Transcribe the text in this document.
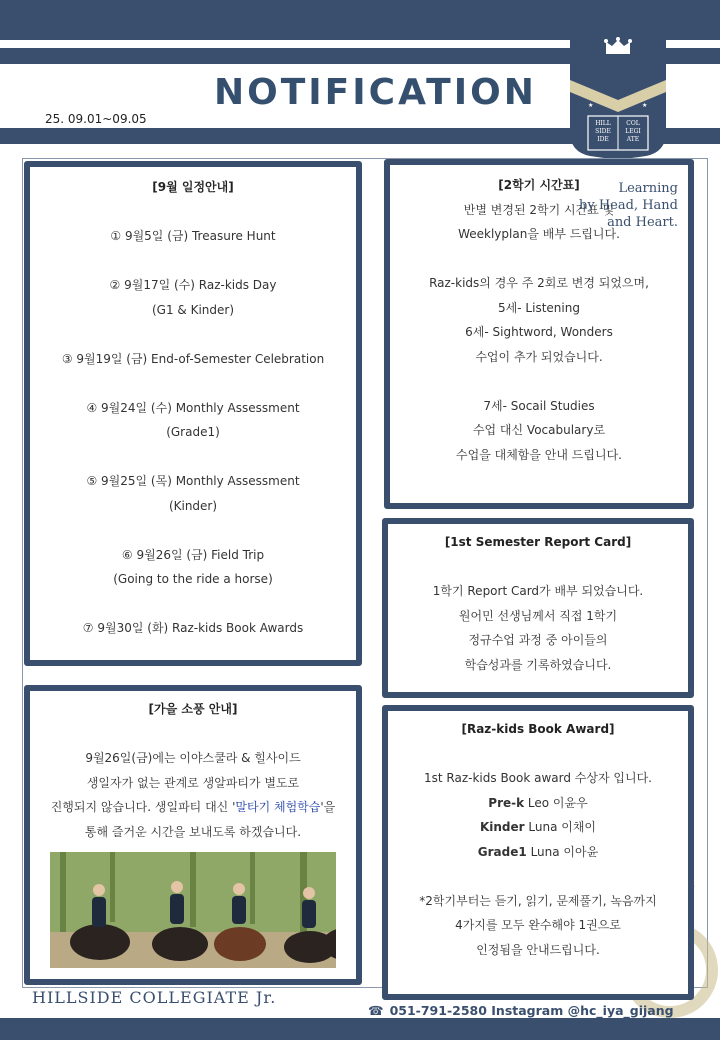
NOTIFICATION
25. 09.01~09.05
★	★
HILL
SIDE
IDE
COL
LEGI
ATE
Learning
by Head, Hand
and Heart.
[9월 일정안내]
① 9월5일 (금) Treasure Hunt
② 9월17일 (수) Raz-kids Day
(G1 & Kinder)
③ 9월19일 (금) End-of-Semester Celebration
④ 9월24일 (수) Monthly Assessment
(Grade1)
⑤ 9월25일 (목) Monthly Assessment
(Kinder)
⑥ 9월26일 (금) Field Trip
(Going to the ride a horse)
⑦ 9월30일 (화) Raz-kids Book Awards
[2학기 시간표]
반별 변경된 2학기 시간표 및
Weeklyplan을 배부 드립니다.
Raz-kids의 경우 주 2회로 변경 되었으며,
5세- Listening
6세- Sightword, Wonders
수업이 추가 되었습니다.
7세- Socail Studies
수업 대신 Vocabulary로
수업을 대체함을 안내 드립니다.
[1st Semester Report Card]
1학기 Report Card가 배부 되었습니다.
원어민 선생님께서 직접 1학기
정규수업 과정 중 아이들의
학습성과를 기록하였습니다.
[Raz-kids Book Award]
1st Raz-kids Book award 수상자 입니다.
Pre-k Leo 이윤우
Kinder Luna 이채이
Grade1 Luna 이아윤
*2학기부터는 듣기, 읽기, 문제풀기, 녹음까지
4가지를 모두 완수해야 1권으로
인정됨을 안내드립니다.
[가을 소풍 안내]
9월26일(금)에는 이야스쿨라 & 힐사이드
생일자가 없는 관계로 생알파티가 별도로
진행되지 않습니다. 생일파티 대신 '말타기 체험학습'을
통해 즐거운 시간을 보내도록 하겠습니다.
HILLSIDE COLLEGIATE Jr.
☎ 051-791-2580 Instagram @hc_iya_gijang
